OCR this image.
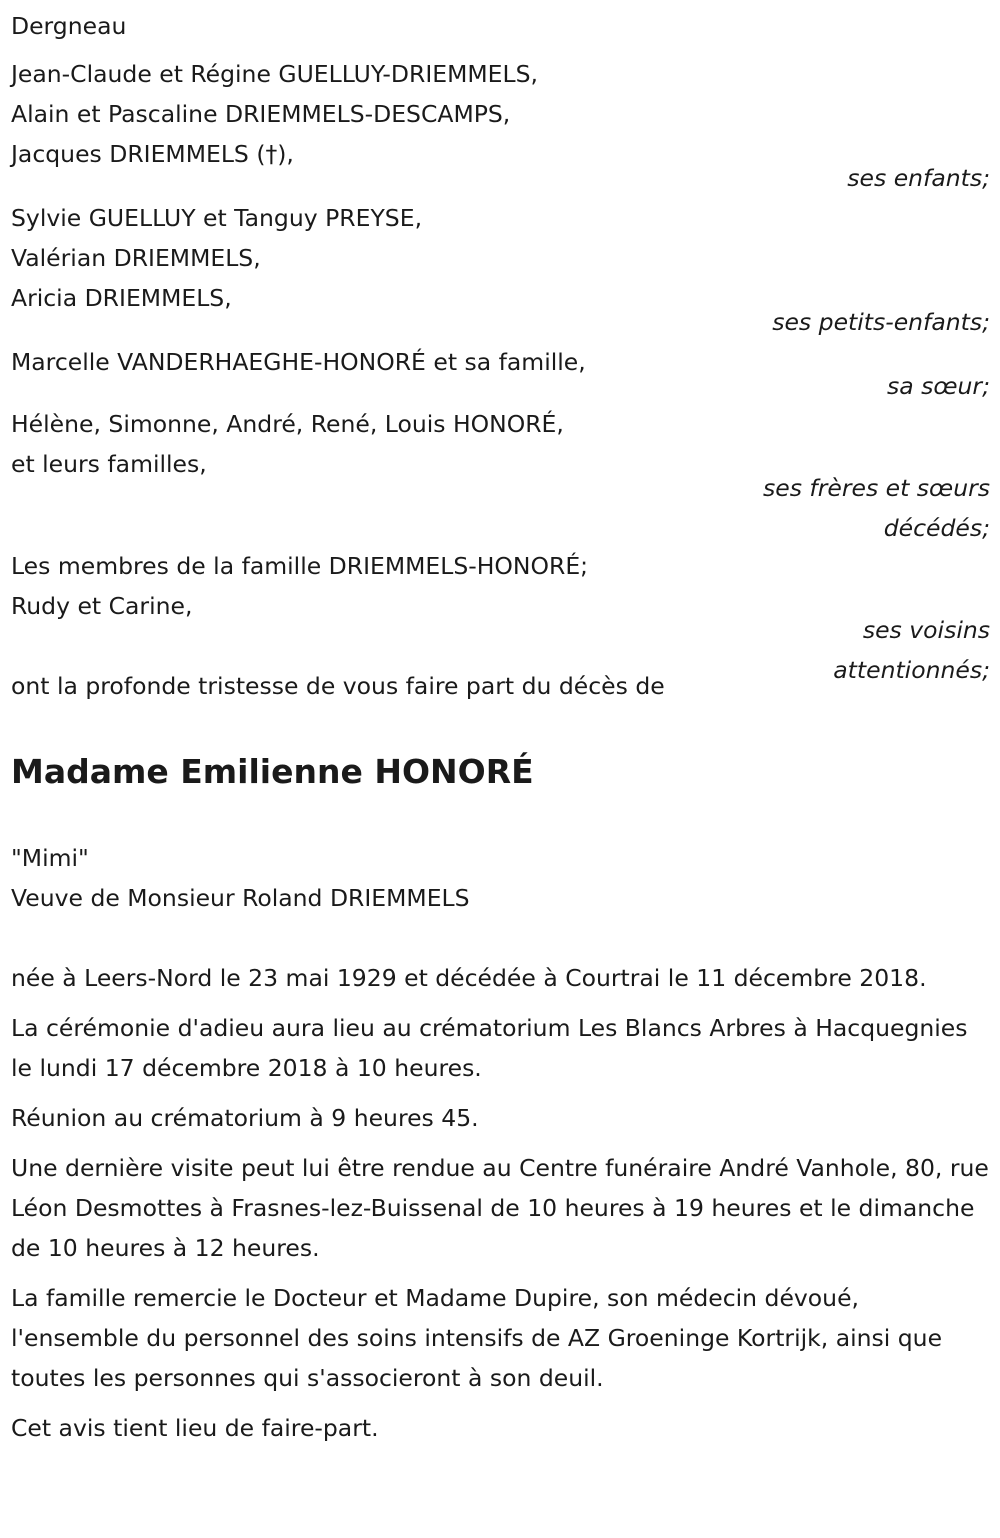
Dergneau
Jean-Claude et Régine GUELLUY-DRIEMMELS,
Alain et Pascaline DRIEMMELS-DESCAMPS,
Jacques DRIEMMELS (†),
ses enfants;
Sylvie GUELLUY et Tanguy PREYSE,
Valérian DRIEMMELS,
Aricia DRIEMMELS,
ses petits-enfants;
Marcelle VANDERHAEGHE-HONORÉ et sa famille,
sa sœur;
Hélène, Simonne, André, René, Louis HONORÉ,
et leurs familles,
ses frères et sœurs décédés;
Les membres de la famille DRIEMMELS-HONORÉ;
Rudy et Carine,
ses voisins attentionnés;
ont la profonde tristesse de vous faire part du décès de
Madame Emilienne HONORÉ
"Mimi"
Veuve de Monsieur Roland DRIEMMELS

née à Leers-Nord le 23 mai 1929 et décédée à Courtrai le 11 décembre 2018.

La cérémonie d'adieu aura lieu au crématorium Les Blancs Arbres à Hacquegnies le lundi 17 décembre 2018 à 10 heures.

Réunion au crématorium à 9 heures 45.

Une dernière visite peut lui être rendue au Centre funéraire André Vanhole, 80, rue Léon Desmottes à Frasnes-lez-Buissenal de 10 heures à 19 heures et le dimanche de 10 heures à 12 heures.

La famille remercie le Docteur et Madame Dupire, son médecin dévoué, l'ensemble du personnel des soins intensifs de AZ Groeninge Kortrijk, ainsi que toutes les personnes qui s'associeront à son deuil.

Cet avis tient lieu de faire-part.
